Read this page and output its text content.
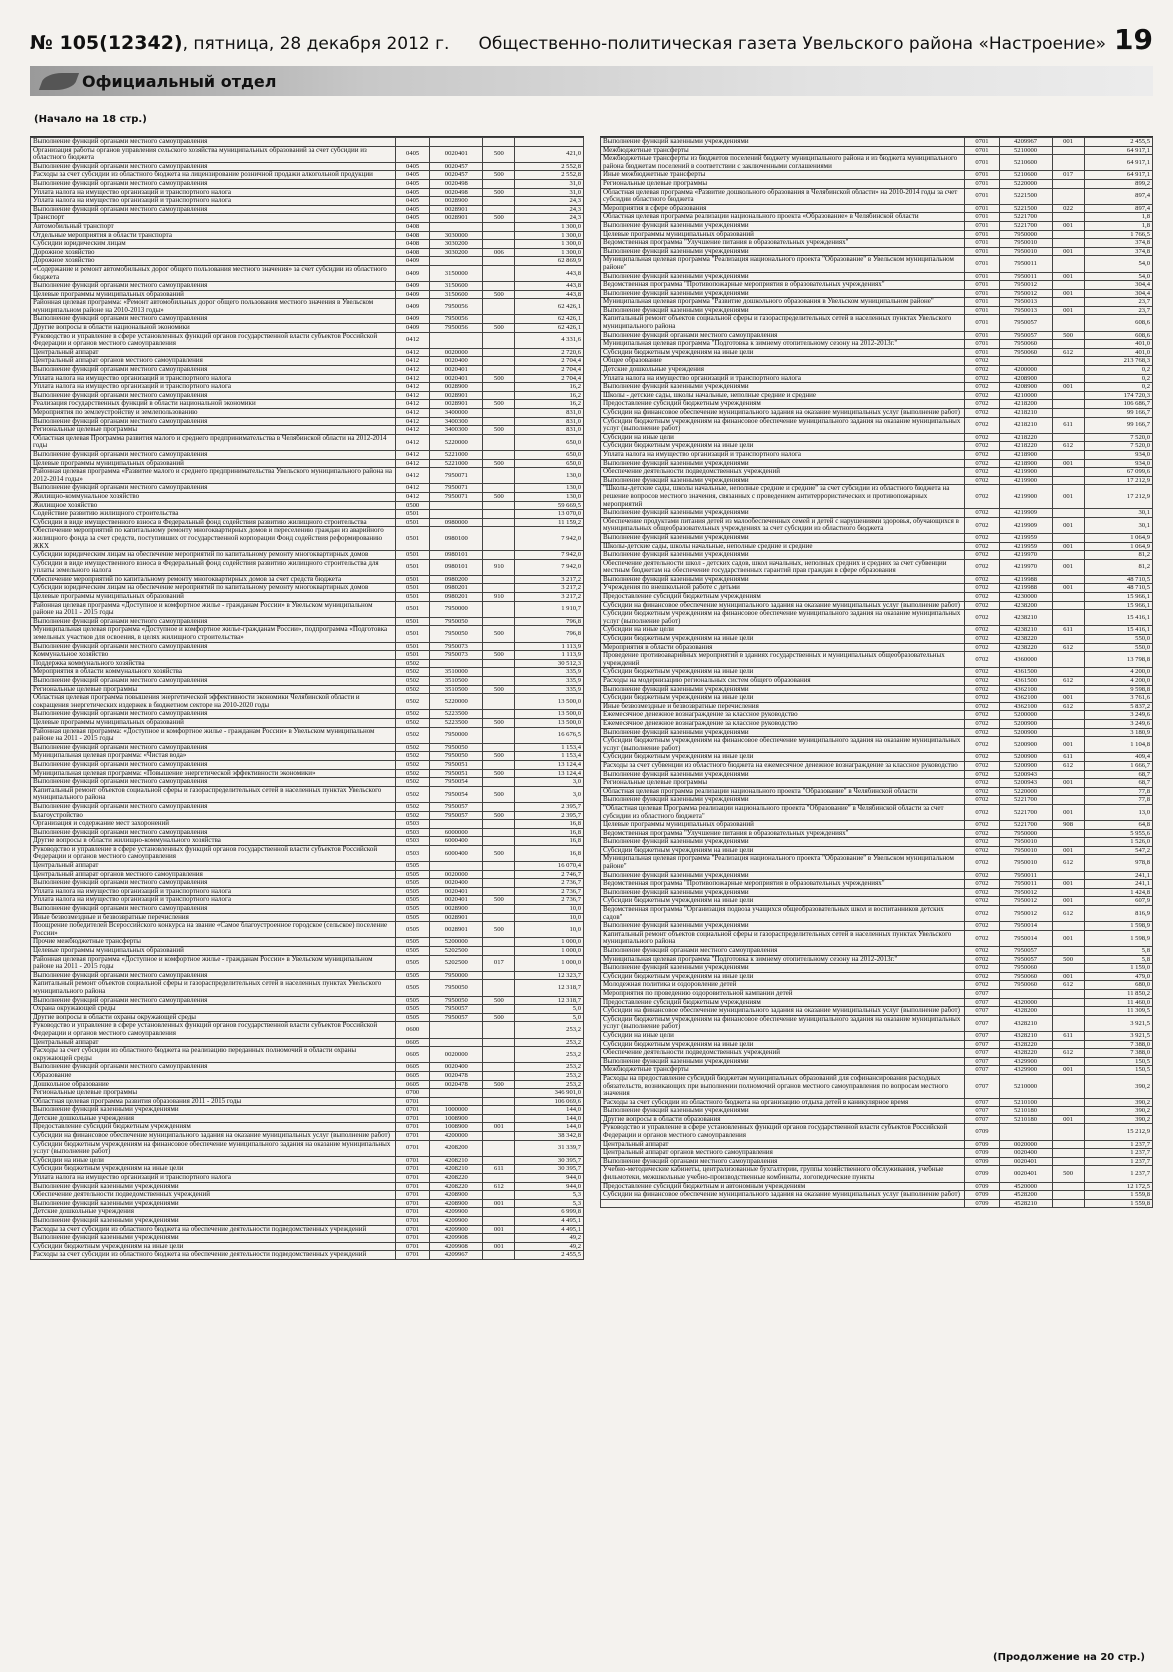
№ 105(12342), пятница, 28 декабря 2012 г. Общественно-политическая газета Увельского района «Настроение» 19
Официальный отдел
(Начало на 18 стр.)
Выполнение функций органами местного самоуправления				
Организация работы органов управления сельского хозяйства муниципальных образований за счет субсидии из областного бюджета	0405	0020401	500	421,0
Выполнение функций органами местного самоуправления	0405	0020457		2 552,8
Расходы за счет субсидии из областного бюджета на лицензирование розничной продажи алкогольной продукции	0405	0020457	500	2 552,8
Выполнение функций органами местного самоуправления	0405	0020498		31,0
Уплата налога на имущество организаций и транспортного налога	0405	0020498	500	31,0
Уплата налога на имущество организаций и транспортного налога	0405	0028900		24,3
Выполнение функций органами местного самоуправления	0405	0028901		24,3
Транспорт	0405	0028901	500	24,3
Автомобильный транспорт	0408			1 300,0
Отдельные мероприятия в области транспорта	0408	3030000		1 300,0
Субсидии юридическим лицам	0408	3030200		1 300,0
Дорожное хозяйство	0408	3030200	006	1 300,0
Дорожное хозяйство	0409			62 869,9
«Содержание и ремонт автомобильных дорог общего пользования местного значения» за счет субсидии из областного бюджета	0409	3150000		443,8
Выполнение функций органами местного самоуправления	0409	3150600		443,8
Целевые программы муниципальных образований	0409	3150600	500	443,8
Районная целевая программа: «Ремонт автомобильных дорог общего пользования местного значения в Увельском муниципальном районе на 2010-2013 годы»	0409	7950056		62 426,1
Выполнение функций органами местного самоуправления	0409	7950056		62 426,1
Другие вопросы в области национальной экономики	0409	7950056	500	62 426,1
Руководство и управление в сфере установленных функций органов государственной власти субъектов Российской Федерации и органов местного самоуправления	0412			4 331,6
Центральный аппарат	0412	0020000		2 720,6
Центральный аппарат органов местного самоуправления	0412	0020400		2 704,4
Выполнение функций органами местного самоуправления	0412	0020401		2 704,4
Уплата налога на имущество организаций и транспортного налога	0412	0020401	500	2 704,4
Уплата налога на имущество организаций и транспортного налога	0412	0028900		16,2
Выполнение функций органами местного самоуправления	0412	0028901		16,2
Реализация государственных функций в области национальной экономики	0412	0028901	500	16,2
Мероприятия по землеустройству и землепользованию	0412	3400000		831,0
Выполнение функций органами местного самоуправления	0412	3400300		831,0
Региональные целевые программы	0412	3400300	500	831,0
Областная целевая Программа развития малого и среднего предпринимательства в Челябинской области на 2012-2014 годы	0412	5220000		650,0
Выполнение функций органами местного самоуправления	0412	5221000		650,0
Целевые программы муниципальных образований	0412	5221000	500	650,0
Районная целевая программа «Развитие малого и среднего предпринимательства Увельского муниципального района на 2012-2014 годы»	0412	7950071		130,0
Выполнение функций органами местного самоуправления	0412	7950071		130,0
Жилищно-коммунальное хозяйство	0412	7950071	500	130,0
Жилищное хозяйство	0500			59 669,5
Содействие развитию жилищного строительства	0501			13 070,0
Субсидии в виде имущественного взноса в Федеральный фонд содействия развитию жилищного строительства	0501	0980000		11 159,2
Обеспечение мероприятий по капитальному ремонту многоквартирных домов и переселению граждан из аварийного жилищного фонда за счет средств, поступивших от государственной корпорации Фонд содействия реформированию ЖКХ	0501	0980100		7 942,0
Субсидии юридическим лицам на обеспечение мероприятий по капитальному ремонту многоквартирных домов	0501	0980101		7 942,0
Субсидии в виде имущественного взноса в Федеральный фонд содействия развитию жилищного строительства для уплаты земельного налога	0501	0980101	910	7 942,0
Обеспечение мероприятий по капитальному ремонту многоквартирных домов за счет средств бюджета	0501	0980200		3 217,2
Субсидии юридическим лицам на обеспечение мероприятий по капитальному ремонту многоквартирных домов	0501	0980201		3 217,2
Целевые программы муниципальных образований	0501	0980201	910	3 217,2
Районная целевая программа «Доступное и комфортное жилье - гражданам России» в Увельском муниципальном районе на 2011 - 2015 годы	0501	7950000		1 910,7
Выполнение функций органами местного самоуправления	0501	7950050		796,8
Муниципальная целевая программа «Доступное и комфортное жилье-гражданам России», подпрограмма «Подготовка земельных участков для освоения, в целях жилищного строительства»	0501	7950050	500	796,8
Выполнение функций органами местного самоуправления	0501	7950073		1 113,9
Коммунальное хозяйство	0501	7950073	500	1 113,9
Поддержка коммунального хозяйства	0502			30 512,3
Мероприятия в области коммунального хозяйства	0502	3510000		335,9
Выполнение функций органами местного самоуправления	0502	3510500		335,9
Региональные целевые программы	0502	3510500	500	335,9
Областная целевая программа повышения энергетической эффективности экономики Челябинской области и сокращения энергетических издержек в бюджетном секторе на 2010-2020 годы	0502	5220000		13 500,0
Выполнение функций органами местного самоуправления	0502	5223500		13 500,0
Целевые программы муниципальных образований	0502	5223500	500	13 500,0
Районная целевая программа: «Доступное и комфортное жилье - гражданам России» в Увельском муниципальном районе на 2011 - 2015 годы	0502	7950000		16 676,5
Выполнение функций органами местного самоуправления	0502	7950050		1 153,4
Муниципальная целевая программа: «Чистая вода»	0502	7950050	500	1 153,4
Выполнение функций органами местного самоуправления	0502	7950051		13 124,4
Муниципальная целевая программа: «Повышение энергетической эффективности экономики»	0502	7950051	500	13 124,4
Выполнение функций органами местного самоуправления	0502	7950054		3,0
Капитальный ремонт объектов социальной сферы и газораспределительных сетей в населенных пунктах Увельского муниципального района	0502	7950054	500	3,0
Выполнение функций органами местного самоуправления	0502	7950057		2 395,7
Благоустройство	0502	7950057	500	2 395,7
Организация и содержание мест захоронений	0503			16,8
Выполнение функций органами местного самоуправления	0503	6000000		16,8
Другие вопросы в области жилищно-коммунального хозяйства	0503	6000400		16,8
Руководство и управление в сфере установленных функций органов государственной власти субъектов Российской Федерации и органов местного самоуправления	0503	6000400	500	16,8
Центральный аппарат	0505			16 070,4
Центральный аппарат органов местного самоуправления	0505	0020000		2 746,7
Выполнение функций органами местного самоуправления	0505	0020400		2 736,7
Уплата налога на имущество организаций и транспортного налога	0505	0020401		2 736,7
Уплата налога на имущество организаций и транспортного налога	0505	0020401	500	2 736,7
Выполнение функций органами местного самоуправления	0505	0028900		10,0
Иные безвозмездные и безвозвратные перечисления	0505	0028901		10,0
Поощрение победителей Всероссийского конкурса на звание «Самое благоустроенное городское (сельское) поселение России»	0505	0028901	500	10,0
Прочие межбюджетные трансферты	0505	5200000		1 000,0
Целевые программы муниципальных образований	0505	5202500		1 000,0
Районная целевая программа «Доступное и комфортное жилье - гражданам России» в Увельском муниципальном районе на 2011 - 2015 годы	0505	5202500	017	1 000,0
Выполнение функций органами местного самоуправления	0505	7950000		12 323,7
Капитальный ремонт объектов социальной сферы и газораспределительных сетей в населенных пунктах Увельского муниципального района	0505	7950050		12 318,7
Выполнение функций органами местного самоуправления	0505	7950050	500	12 318,7
Охрана окружающей среды	0505	7950057		5,0
Другие вопросы в области охраны окружающей среды	0505	7950057	500	5,0
Руководство и управление в сфере установленных функций органов государственной власти субъектов Российской Федерации и органов местного самоуправления	0600			253,2
Центральный аппарат	0605			253,2
Расходы за счет субсидии из областного бюджета на реализацию переданных полномочий в области охраны окружающей среды	0605	0020000		253,2
Выполнение функций органами местного самоуправления	0605	0020400		253,2
Образование	0605	0020478		253,2
Дошкольное образование	0605	0020478	500	253,2
Региональные целевые программы	0700			346 901,0
Областная целевая программа развития образования 2011 - 2015 годы	0701			106 069,6
Выполнение функций казенными учреждениями	0701	1000000		144,0
Детские дошкольные учреждения	0701	1008900		144,0
Предоставление субсидий бюджетным учреждениям	0701	1008900	001	144,0
Субсидии на финансовое обеспечение муниципального задания на оказание муниципальных услуг (выполнение работ)	0701	4200000		38 342,8
Субсидии бюджетным учреждениям на финансовое обеспечение муниципального задания на оказание муниципальных услуг (выполнение работ)	0701	4208200		31 339,7
Субсидии на иные цели	0701	4208210		30 395,7
Субсидии бюджетным учреждениям на иные цели	0701	4208210	611	30 395,7
Уплата налога на имущество организаций и транспортного налога	0701	4208220		944,0
Выполнение функций казенными учреждениями	0701	4208220	612	944,0
Обеспечение деятельности подведомственных учреждений	0701	4208900		5,3
Выполнение функций казенными учреждениями	0701	4208900	001	5,3
Детские дошкольные учреждения	0701	4209900		6 999,8
Выполнение функций казенными учреждениями	0701	4209900		4 495,1
Расходы за счет субсидии из областного бюджета на обеспечение деятельности подведомственных учреждений	0701	4209900	001	4 495,1
Выполнение функций казенными учреждениями	0701	4209908		49,2
Субсидии бюджетным учреждениям на иные цели	0701	4209908	001	49,2
Расходы за счет субсидии из областного бюджета на обеспечение деятельности подведомственных учреждений	0701	4209967		2 455,5
Выполнение функций казенными учреждениями	0701	4209967	001	2 455,5
Межбюджетные трансферты	0701	5210000		64 917,1
Межбюджетные трансферты из бюджетов поселений бюджету муниципального района и из бюджета муниципального района бюджетам поселений в соответствии с заключенными соглашениями	0701	5210600		64 917,1
Иные межбюджетные трансферты	0701	5210600	017	64 917,1
Региональные целевые программы	0701	5220000		899,2
Областная целевая программа «Развитие дошкольного образования в Челябинской области» на 2010-2014 годы за счет субсидии областного бюджета	0701	5221500		897,4
Мероприятия в сфере образования	0701	5221500	022	897,4
Областная целевая программа реализации национального проекта «Образование» в Челябинской области	0701	5221700		1,8
Выполнение функций казенными учреждениями	0701	5221700	001	1,8
Целевые программы муниципальных образований	0701	7950000		1 766,5
Ведомственная программа "Улучшение питания в образовательных учреждениях"	0701	7950010		374,8
Выполнение функций казенными учреждениями	0701	7950010	001	374,8
Муниципальная целевая программа "Реализация национального проекта "Образование" в Увельском муниципальном районе"	0701	7950011		54,0
Выполнение функций казенными учреждениями	0701	7950011	001	54,0
Ведомственная программа "Противопожарные мероприятия в образовательных учреждениях"	0701	7950012		304,4
Выполнение функций казенными учреждениями	0701	7950012	001	304,4
Муниципальная целевая программа "Развитие дошкольного образования в Увельском муниципальном районе"	0701	7950013		23,7
Выполнение функций казенными учреждениями	0701	7950013	001	23,7
Капитальный ремонт объектов социальной сферы и газораспределительных сетей в населенных пунктах Увельского муниципального района	0701	7950057		608,6
Выполнение функций органами местного самоуправления	0701	7950057	500	608,6
Муниципальная целевая программа "Подготовка к зимнему отопительному сезону на 2012-2013г."	0701	7950060		401,0
Субсидии бюджетным учреждениям на иные цели	0701	7950060	612	401,0
Общее образование	0702			213 768,3
Детские дошкольные учреждения	0702	4200000		0,2
Уплата налога на имущество организаций и транспортного налога	0702	4208900		0,2
Выполнение функций казенными учреждениями	0702	4208900	001	0,2
Школы - детские сады, школы начальные, неполные средние и средние	0702	4210000		174 720,3
Предоставление субсидий бюджетным учреждениям	0702	4218200		106 686,7
Субсидии на финансовое обеспечение муниципального задания на оказание муниципальных услуг (выполнение работ)	0702	4218210		99 166,7
Субсидии бюджетным учреждениям на финансовое обеспечение муниципального задания на оказание муниципальных услуг (выполнение работ)	0702	4218210	611	99 166,7
Субсидии на иные цели	0702	4218220		7 520,0
Субсидии бюджетным учреждениям на иные цели	0702	4218220	612	7 520,0
Уплата налога на имущество организаций и транспортного налога	0702	4218900		934,0
Выполнение функций казенными учреждениями	0702	4218900	001	934,0
Обеспечение деятельности подведомственных учреждений	0702	4219900		67 099,6
Выполнение функций казенными учреждениями	0702	4219900		17 212,9
"Школы-детские сады, школы начальные, неполные средние и средние" за счет субсидии из областного бюджета на решение вопросов местного значения, связанных с проведением антитеррористических и противопожарных мероприятий	0702	4219900	001	17 212,9
Выполнение функций казенными учреждениями	0702	4219909		30,1
Обеспечение продуктами питания детей из малообеспеченных семей и детей с нарушениями здоровья, обучающихся в муниципальных общеобразовательных учреждениях за счет субсидии из областного бюджета	0702	4219909	001	30,1
Выполнение функций казенными учреждениями	0702	4219959		1 064,9
Школы-детские сады, школы начальные, неполные средние и средние	0702	4219959	001	1 064,9
Выполнение функций казенными учреждениями	0702	4219970		81,2
Обеспечение деятельности школ - детских садов, школ начальных, неполных средних и средних за счет субвенции местным бюджетам на обеспечение государственных гарантий прав граждан в сфере образования	0702	4219970	001	81,2
Выполнение функций казенными учреждениями	0702	4219988		48 710,5
Учреждения по внешкольной работе с детьми	0702	4219988	001	48 710,5
Предоставление субсидий бюджетным учреждениям	0702	4230000		15 966,1
Субсидии на финансовое обеспечение муниципального задания на оказание муниципальных услуг (выполнение работ)	0702	4238200		15 966,1
Субсидии бюджетным учреждениям на финансовое обеспечение муниципального задания на оказание муниципальных услуг (выполнение работ)	0702	4238210		15 416,1
Субсидии на иные цели	0702	4238210	611	15 416,1
Субсидии бюджетным учреждениям на иные цели	0702	4238220		550,0
Мероприятия в области образования	0702	4238220	612	550,0
Проведение противоаварийных мероприятий в зданиях государственных и муниципальных общеобразовательных учреждений	0702	4360000		13 798,8
Субсидии бюджетным учреждениям на иные цели	0702	4361500		4 200,0
Расходы на модернизацию региональных систем общего образования	0702	4361500	612	4 200,0
Выполнение функций казенными учреждениями	0702	4362100		9 598,8
Субсидии бюджетным учреждениям на иные цели	0702	4362100	001	3 761,6
Иные безвозмездные и безвозвратные перечисления	0702	4362100	612	5 837,2
Ежемесячное денежное вознаграждение за классное руководство	0702	5200000		3 249,6
Ежемесячное денежное вознаграждение за классное руководство	0702	5200900		3 249,6
Выполнение функций казенными учреждениями	0702	5200900		3 180,9
Субсидии бюджетным учреждениям на финансовое обеспечение муниципального задания на оказание муниципальных услуг (выполнение работ)	0702	5200900	001	1 104,8
Субсидии бюджетным учреждениям на иные цели	0702	5200900	611	409,4
Расходы за счет субвенции из областного бюджета на ежемесячное денежное вознаграждение за классное руководство	0702	5200900	612	1 666,7
Выполнение функций казенными учреждениями	0702	5200943		68,7
Региональные целевые программы	0702	5200943	001	68,7
Областная целевая программа реализации национального проекта "Образование" в Челябинской области	0702	5220000		77,8
Выполнение функций казенными учреждениями	0702	5221700		77,8
"Областная целевая Программа реализации национального проекта "Образование" в Челябинской области за счет субсидии из областного бюджета"	0702	5221700	001	13,0
Целевые программы муниципальных образований	0702	5221700	908	64,8
Ведомственная программа "Улучшение питания в образовательных учреждениях"	0702	7950000		5 955,6
Выполнение функций казенными учреждениями	0702	7950010		1 526,0
Субсидии бюджетным учреждениям на иные цели	0702	7950010	001	547,2
Муниципальная целевая программа "Реализация национального проекта "Образование" в Увельском муниципальном районе"	0702	7950010	612	978,8
Выполнение функций казенными учреждениями	0702	7950011		241,1
Ведомственная программа "Противопожарные мероприятия в образовательных учреждениях"	0702	7950011	001	241,1
Выполнение функций казенными учреждениями	0702	7950012		1 424,8
Субсидии бюджетным учреждениям на иные цели	0702	7950012	001	607,9
Ведомственная программа "Организация подвоза учащихся общеобразовательных школ и воспитанников детских садов"	0702	7950012	612	816,9
Выполнение функций казенными учреждениями	0702	7950014		1 598,9
Капитальный ремонт объектов социальной сферы и газораспределительных сетей в населенных пунктах Увельского муниципального района	0702	7950014	001	1 598,9
Выполнение функций органами местного самоуправления	0702	7950057		5,8
Муниципальная целевая программа "Подготовка к зимнему отопительному сезону на 2012-2013г."	0702	7950057	500	5,8
Выполнение функций казенными учреждениями	0702	7950060		1 159,0
Субсидии бюджетным учреждениям на иные цели	0702	7950060	001	479,0
Молодежная политика и оздоровление детей	0702	7950060	612	680,0
Мероприятия по проведению оздоровительной кампании детей	0707			11 850,2
Предоставление субсидий бюджетным учреждениям	0707	4320000		11 460,0
Субсидии на финансовое обеспечение муниципального задания на оказание муниципальных услуг (выполнение работ)	0707	4328200		11 309,5
Субсидии бюджетным учреждениям на финансовое обеспечение муниципального задания на оказание муниципальных услуг (выполнение работ)	0707	4328210		3 921,5
Субсидии на иные цели	0707	4328210	611	3 921,5
Субсидии бюджетным учреждениям на иные цели	0707	4328220		7 388,0
Обеспечение деятельности подведомственных учреждений	0707	4328220	612	7 388,0
Выполнение функций казенными учреждениями	0707	4329900		150,5
Межбюджетные трансферты	0707	4329900	001	150,5
Расходы на предоставление субсидий бюджетам муниципальных образований для софинансирования расходных обязательств, возникающих при выполнении полномочий органов местного самоуправления по вопросам местного значения	0707	5210000		390,2
Расходы за счет субсидии из областного бюджета на организацию отдыха детей в каникулярное время	0707	5210100		390,2
Выполнение функций казенными учреждениями	0707	5210180		390,2
Другие вопросы в области образования	0707	5210180	001	390,2
Руководство и управление в сфере установленных функций органов государственной власти субъектов Российской Федерации и органов местного самоуправления	0709			15 212,9
Центральный аппарат	0709	0020000		1 237,7
Центральный аппарат органов местного самоуправления	0709	0020400		1 237,7
Выполнение функций органами местного самоуправления	0709	0020401		1 237,7
Учебно-методические кабинеты, централизованные бухгалтерии, группы хозяйственного обслуживания, учебные фильмотеки, межшкольные учебно-производственные комбинаты, логопедические пункты	0709	0020401	500	1 237,7
Предоставление субсидий бюджетным и автономным учреждениям	0709	4520000		12 172,5
Субсидии на финансовое обеспечение муниципального задания на оказание муниципальных услуг (выполнение работ)	0709	4528200		1 559,8
	0709	4528210		1 559,8
(Продолжение на 20 стр.)
